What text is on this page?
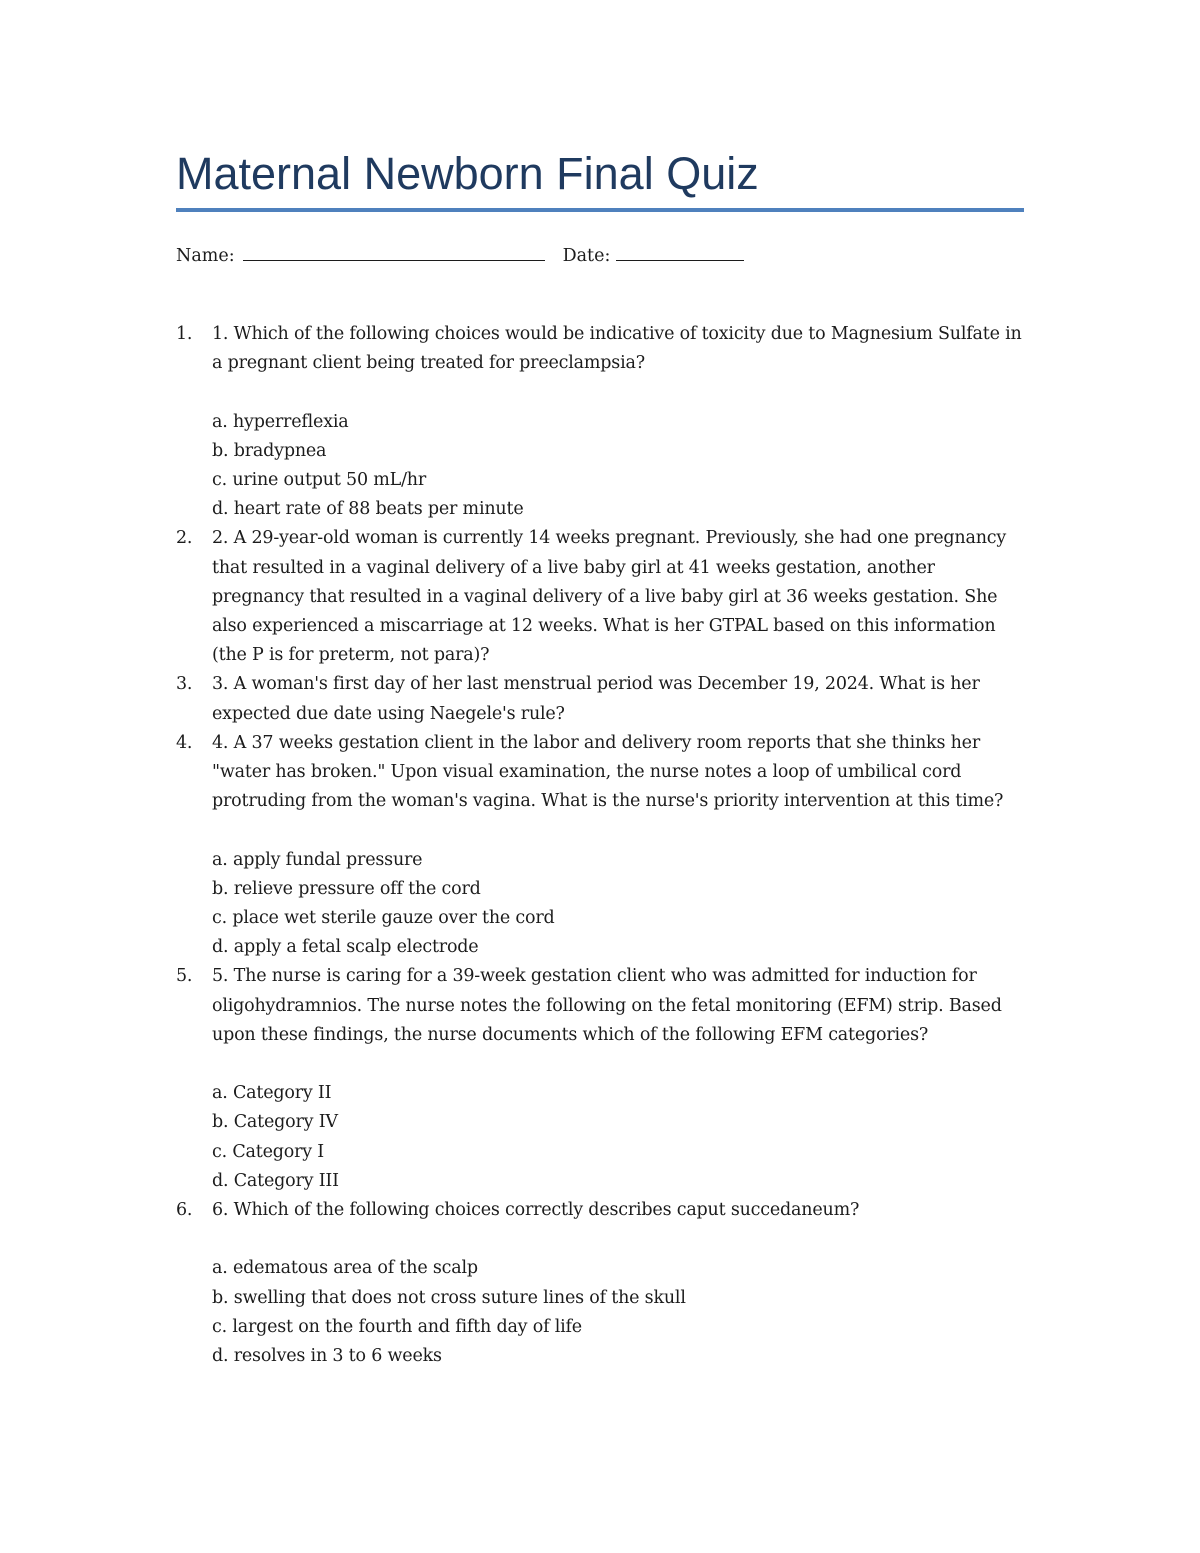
Maternal Newborn Final Quiz
Name:	Date:
1. 1. Which of the following choices would be indicative of toxicity due to Magnesium Sulfate in a pregnant client being treated for preeclampsia?
a. hyperreflexia
b. bradypnea
c. urine output 50 mL/hr
d. heart rate of 88 beats per minute
2. 2. A 29-year-old woman is currently 14 weeks pregnant. Previously, she had one pregnancy that resulted in a vaginal delivery of a live baby girl at 41 weeks gestation, another pregnancy that resulted in a vaginal delivery of a live baby girl at 36 weeks gestation. She also experienced a miscarriage at 12 weeks. What is her GTPAL based on this information (the P is for preterm, not para)?
3. 3. A woman's first day of her last menstrual period was December 19, 2024. What is her expected due date using Naegele's rule?
4. 4. A 37 weeks gestation client in the labor and delivery room reports that she thinks her "water has broken." Upon visual examination, the nurse notes a loop of umbilical cord protruding from the woman's vagina. What is the nurse's priority intervention at this time?
a. apply fundal pressure
b. relieve pressure off the cord
c. place wet sterile gauze over the cord
d. apply a fetal scalp electrode
5. 5. The nurse is caring for a 39-week gestation client who was admitted for induction for oligohydramnios. The nurse notes the following on the fetal monitoring (EFM) strip. Based upon these findings, the nurse documents which of the following EFM categories?
a. Category II
b. Category IV
c. Category I
d. Category III
6. 6. Which of the following choices correctly describes caput succedaneum?
a. edematous area of the scalp
b. swelling that does not cross suture lines of the skull
c. largest on the fourth and fifth day of life
d. resolves in 3 to 6 weeks
